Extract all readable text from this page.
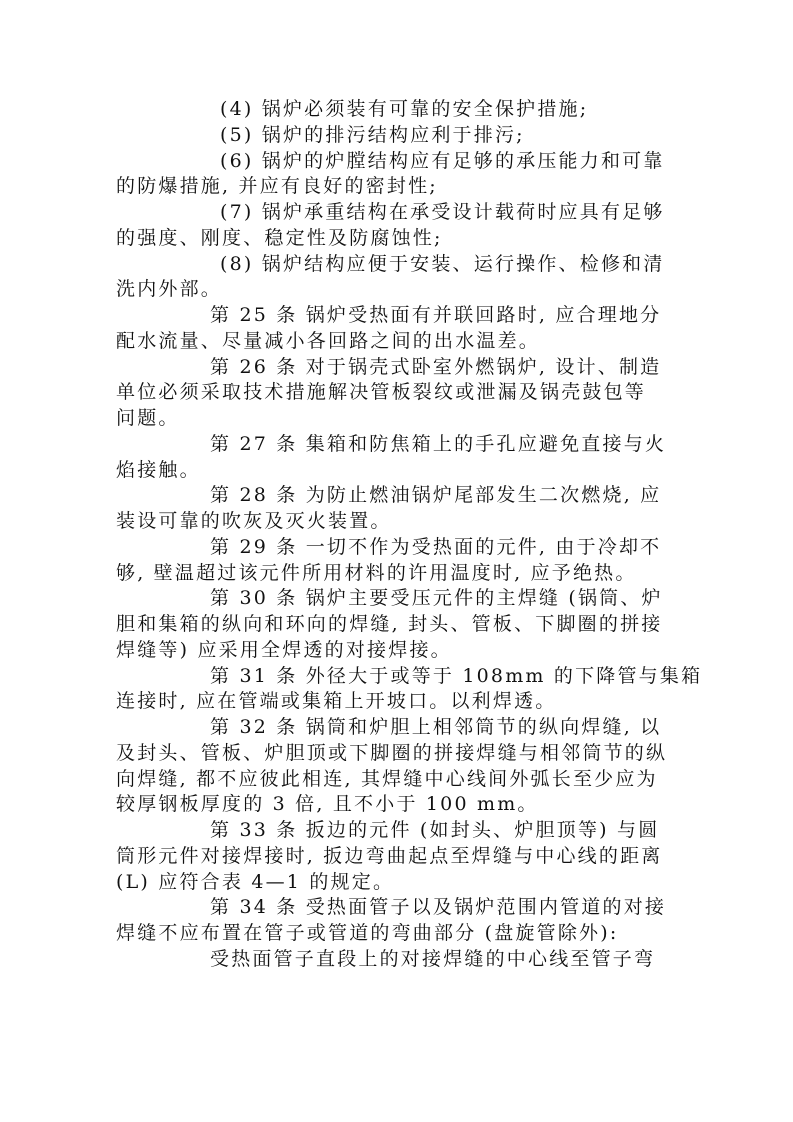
(4) 锅炉必须装有可靠的安全保护措施;
(5) 锅炉的排污结构应利于排污;
(6) 锅炉的炉膛结构应有足够的承压能力和可靠
的防爆措施, 并应有良好的密封性;
(7) 锅炉承重结构在承受设计载荷时应具有足够
的强度、刚度、稳定性及防腐蚀性;
(8) 锅炉结构应便于安装、运行操作、检修和清
洗内外部。
第 25 条 锅炉受热面有并联回路时, 应合理地分
配水流量、尽量减小各回路之间的出水温差。
第 26 条 对于锅壳式卧室外燃锅炉, 设计、制造
单位必须采取技术措施解决管板裂纹或泄漏及锅壳鼓包等
问题。
第 27 条 集箱和防焦箱上的手孔应避免直接与火
焰接触。
第 28 条 为防止燃油锅炉尾部发生二次燃烧, 应
装设可靠的吹灰及灭火装置。
第 29 条 一切不作为受热面的元件, 由于冷却不
够, 壁温超过该元件所用材料的许用温度时, 应予绝热。
第 30 条 锅炉主要受压元件的主焊缝 (锅筒、炉
胆和集箱的纵向和环向的焊缝, 封头、管板、下脚圈的拼接
焊缝等) 应采用全焊透的对接焊接。
第 31 条 外径大于或等于 108mm 的下降管与集箱
连接时, 应在管端或集箱上开坡口。以利焊透。
第 32 条 锅筒和炉胆上相邻筒节的纵向焊缝, 以
及封头、管板、炉胆顶或下脚圈的拼接焊缝与相邻筒节的纵
向焊缝, 都不应彼此相连, 其焊缝中心线间外弧长至少应为
较厚钢板厚度的 3 倍, 且不小于 100 mm。
第 33 条 扳边的元件 (如封头、炉胆顶等) 与圆
筒形元件对接焊接时, 扳边弯曲起点至焊缝与中心线的距离
(L) 应符合表 4—1 的规定。
第 34 条 受热面管子以及锅炉范围内管道的对接
焊缝不应布置在管子或管道的弯曲部分 (盘旋管除外):
受热面管子直段上的对接焊缝的中心线至管子弯
